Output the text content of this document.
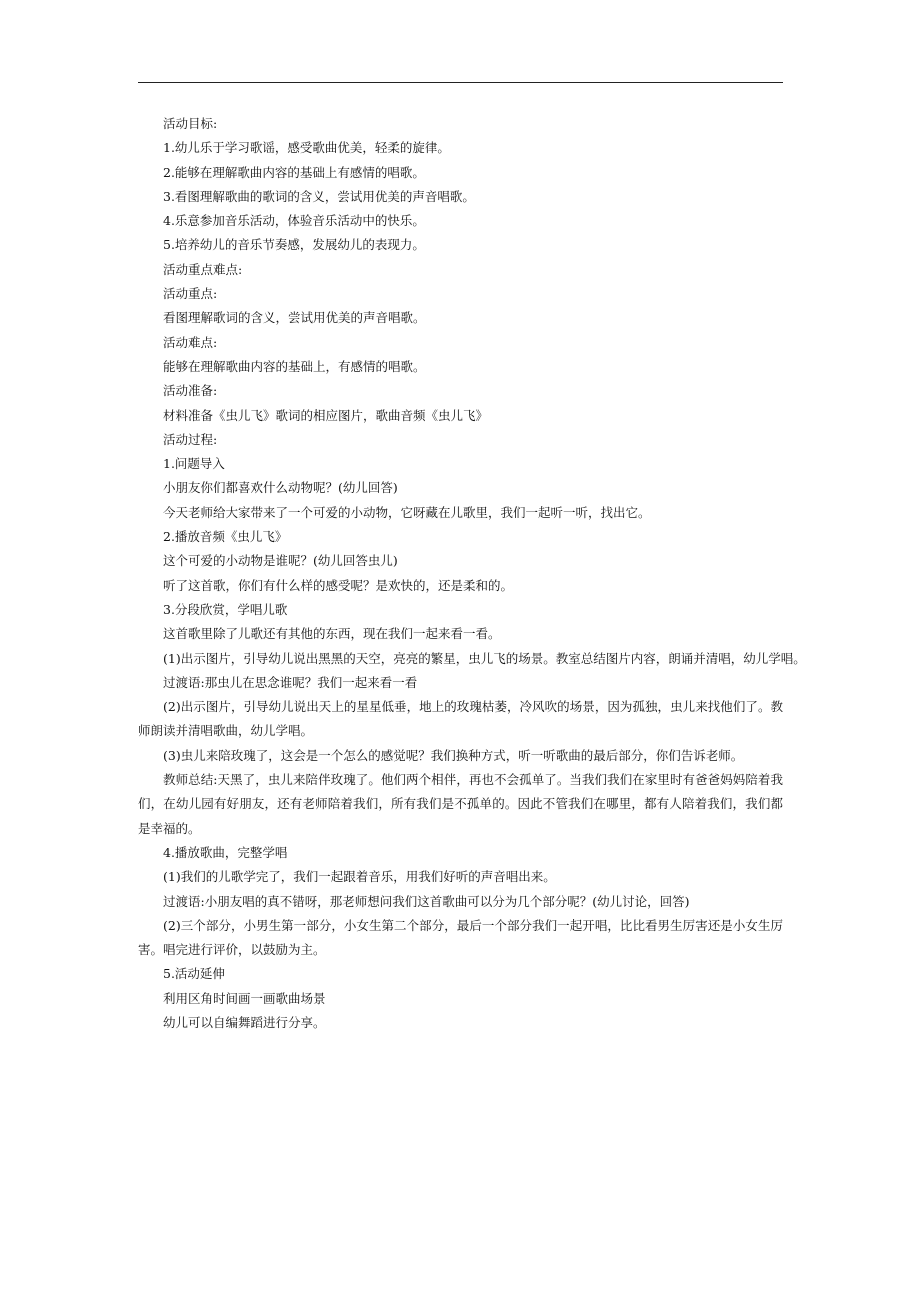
活动目标:
1.幼儿乐于学习歌谣，感受歌曲优美，轻柔的旋律。
2.能够在理解歌曲内容的基础上有感情的唱歌。
3.看图理解歌曲的歌词的含义，尝试用优美的声音唱歌。
4.乐意参加音乐活动，体验音乐活动中的快乐。
5.培养幼儿的音乐节奏感，发展幼儿的表现力。
活动重点难点:
活动重点:
看图理解歌词的含义，尝试用优美的声音唱歌。
活动难点:
能够在理解歌曲内容的基础上，有感情的唱歌。
活动准备:
材料准备《虫儿飞》歌词的相应图片，歌曲音频《虫儿飞》
活动过程:
1.问题导入
小朋友你们都喜欢什么动物呢？(幼儿回答)
今天老师给大家带来了一个可爱的小动物，它呀藏在儿歌里，我们一起听一听，找出它。
2.播放音频《虫儿飞》
这个可爱的小动物是谁呢？(幼儿回答虫儿)
听了这首歌，你们有什么样的感受呢？是欢快的，还是柔和的。
3.分段欣赏，学唱儿歌
这首歌里除了儿歌还有其他的东西，现在我们一起来看一看。
(1)出示图片，引导幼儿说出黑黑的天空，亮亮的繁星，虫儿飞的场景。教室总结图片内容，朗诵并清唱，幼儿学唱。
过渡语:那虫儿在思念谁呢？我们一起来看一看
(2)出示图片，引导幼儿说出天上的星星低垂，地上的玫瑰枯萎，冷风吹的场景，因为孤独，虫儿来找他们了。教师朗读并清唱歌曲，幼儿学唱。
(3)虫儿来陪玫瑰了，这会是一个怎么的感觉呢？我们换种方式，听一听歌曲的最后部分，你们告诉老师。
教师总结:天黑了，虫儿来陪伴玫瑰了。他们两个相伴，再也不会孤单了。当我们我们在家里时有爸爸妈妈陪着我们，在幼儿园有好朋友，还有老师陪着我们，所有我们是不孤单的。因此不管我们在哪里，都有人陪着我们，我们都是幸福的。
4.播放歌曲，完整学唱
(1)我们的儿歌学完了，我们一起跟着音乐，用我们好听的声音唱出来。
过渡语:小朋友唱的真不错呀，那老师想问我们这首歌曲可以分为几个部分呢？(幼儿讨论，回答)
(2)三个部分，小男生第一部分，小女生第二个部分，最后一个部分我们一起开唱，比比看男生厉害还是小女生厉害。唱完进行评价，以鼓励为主。
5.活动延伸
利用区角时间画一画歌曲场景
幼儿可以自编舞蹈进行分享。
